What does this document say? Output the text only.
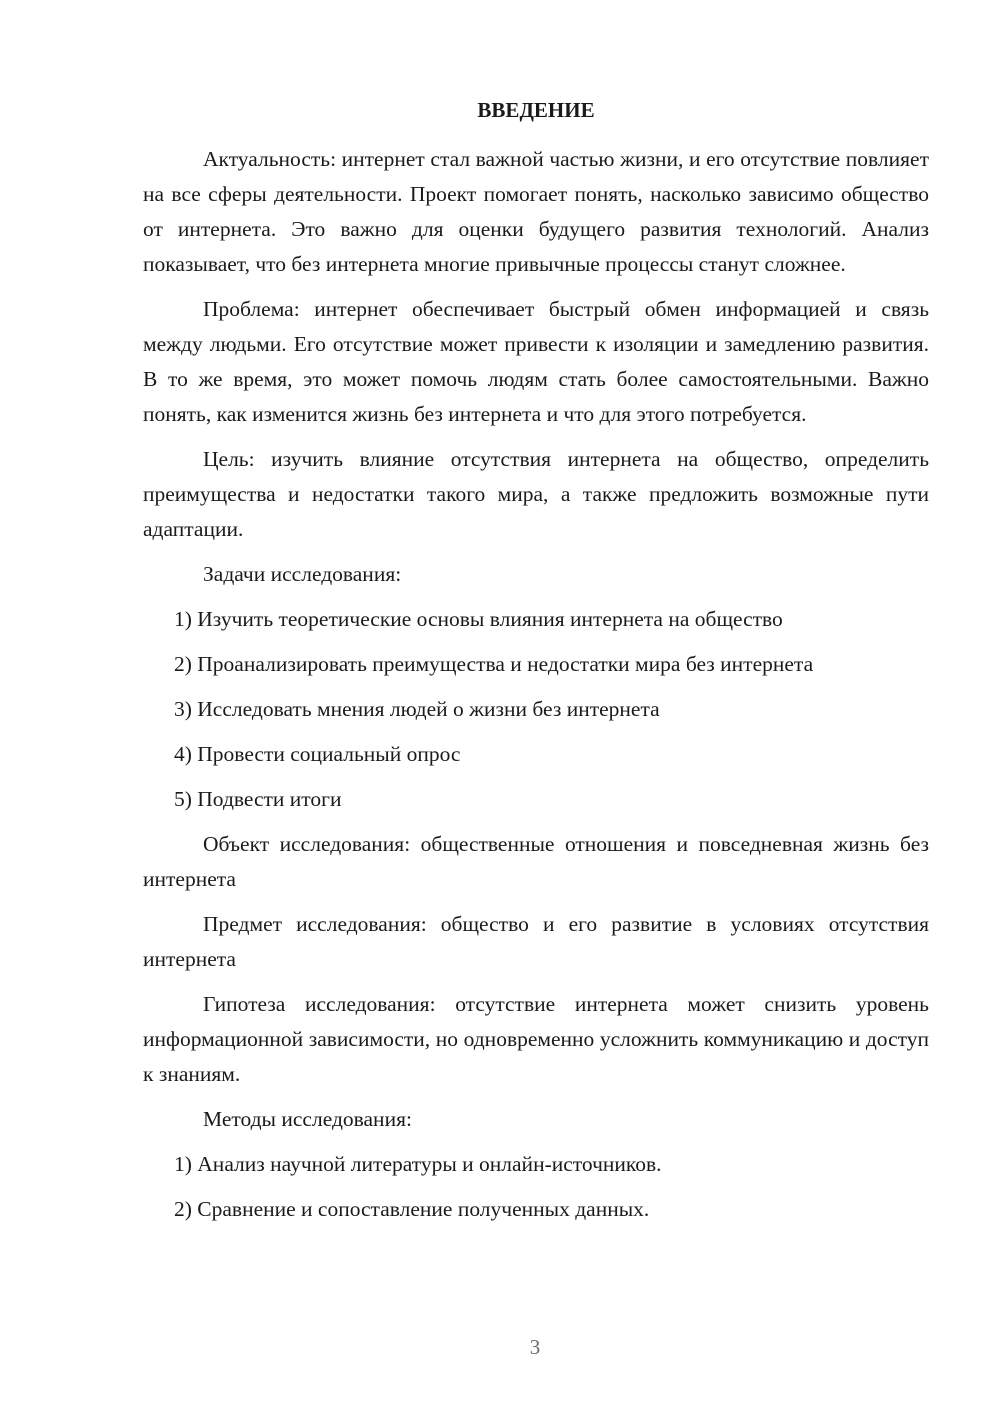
ВВЕДЕНИЕ

Актуальность: интернет стал важной частью жизни, и его отсутствие повлияет на все сферы деятельности. Проект помогает понять, насколько зависимо общество от интернета. Это важно для оценки будущего развития технологий. Анализ показывает, что без интернета многие привычные процессы станут сложнее.

Проблема: интернет обеспечивает быстрый обмен информацией и связь между людьми. Его отсутствие может привести к изоляции и замедлению развития. В то же время, это может помочь людям стать более самостоятельными. Важно понять, как изменится жизнь без интернета и что для этого потребуется.

Цель: изучить влияние отсутствия интернета на общество, определить преимущества и недостатки такого мира, а также предложить возможные пути адаптации.

Задачи исследования:

1) Изучить теоретические основы влияния интернета на общество
2) Проанализировать преимущества и недостатки мира без интернета
3) Исследовать мнения людей о жизни без интернета
4) Провести социальный опрос
5) Подвести итоги

Объект исследования: общественные отношения и повседневная жизнь без интернета

Предмет исследования: общество и его развитие в условиях отсутствия интернета

Гипотеза исследования: отсутствие интернета может снизить уровень информационной зависимости, но одновременно усложнить коммуникацию и доступ к знаниям.

Методы исследования:

1) Анализ научной литературы и онлайн-источников.
2) Сравнение и сопоставление полученных данных.
3
